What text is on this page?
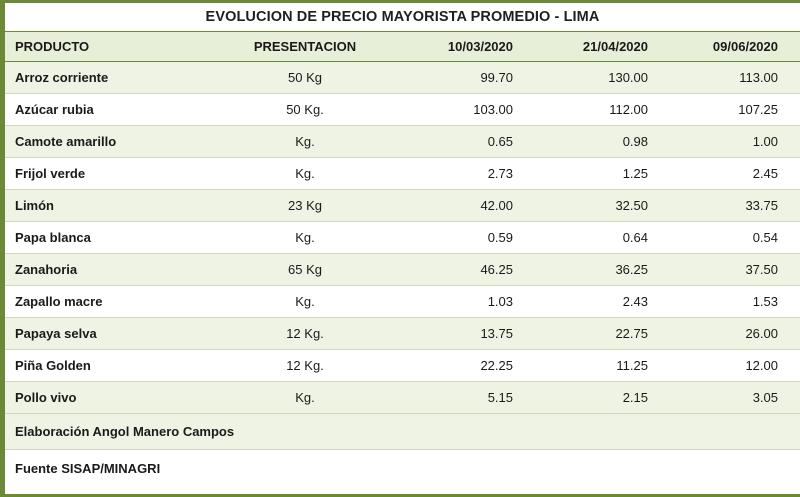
EVOLUCION DE PRECIO MAYORISTA PROMEDIO - LIMA
PRODUCTO	PRESENTACION	10/03/2020	21/04/2020	09/06/2020
Arroz corriente	50 Kg	99.70	130.00	113.00
Azúcar rubia	50 Kg.	103.00	112.00	107.25
Camote amarillo	Kg.	0.65	0.98	1.00
Frijol verde	Kg.	2.73	1.25	2.45
Limón	23 Kg	42.00	32.50	33.75
Papa blanca	Kg.	0.59	0.64	0.54
Zanahoria	65 Kg	46.25	36.25	37.50
Zapallo macre	Kg.	1.03	2.43	1.53
Papaya selva	12 Kg.	13.75	22.75	26.00
Piña Golden	12 Kg.	22.25	11.25	12.00
Pollo vivo	Kg.	5.15	2.15	3.05
Elaboración Angol Manero Campos
Fuente SISAP/MINAGRI
